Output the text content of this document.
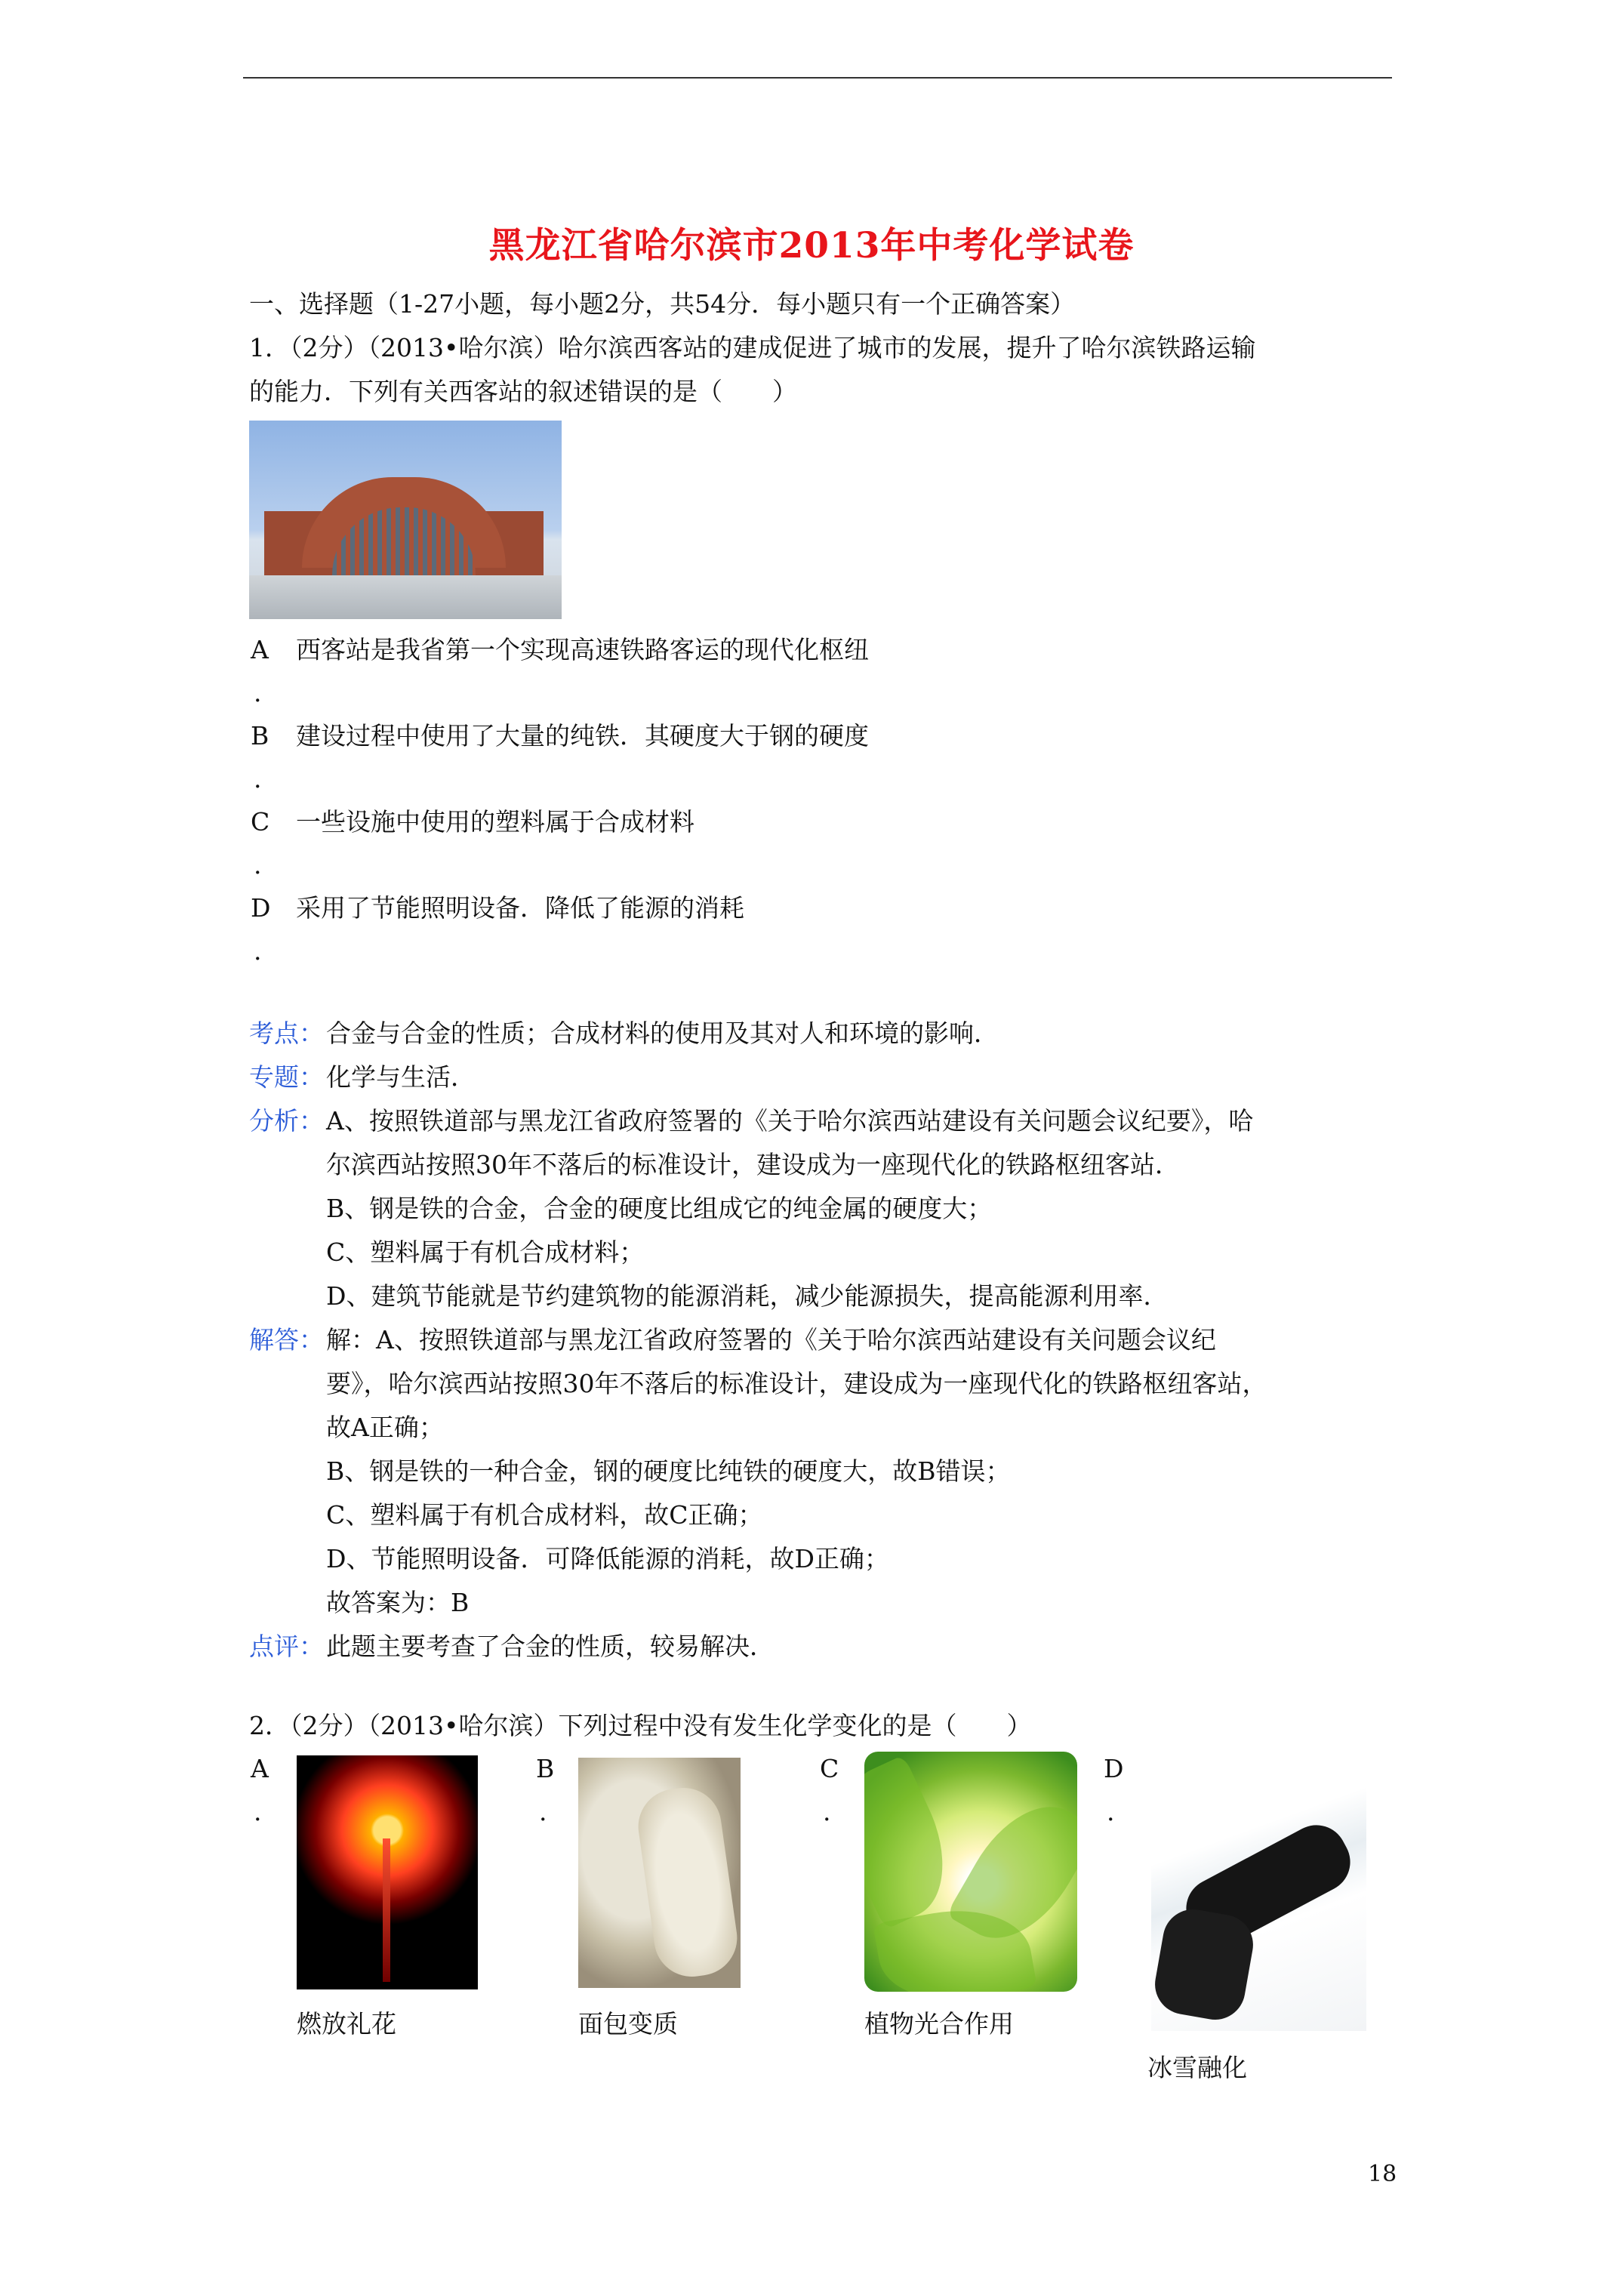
黑龙江省哈尔滨市2013年中考化学试卷
一、选择题（1-27小题，每小题2分，共54分．每小题只有一个正确答案）
1．（2分）（2013•哈尔滨）哈尔滨西客站的建成促进了城市的发展，提升了哈尔滨铁路运输
的能力．下列有关西客站的叙述错误的是（　　）
A 西客站是我省第一个实现高速铁路客运的现代化枢纽
.
B 建设过程中使用了大量的纯铁．其硬度大于钢的硬度
.
C 一些设施中使用的塑料属于合成材料
.
D 采用了节能照明设备．降低了能源的消耗
.
考点： 合金与合金的性质；合成材料的使用及其对人和环境的影响．
专题： 化学与生活．
分析： A、按照铁道部与黑龙江省政府签署的《关于哈尔滨西站建设有关问题会议纪要》，哈
尔滨西站按照30年不落后的标准设计，建设成为一座现代化的铁路枢纽客站．
B、钢是铁的合金，合金的硬度比组成它的纯金属的硬度大；
C、塑料属于有机合成材料；
D、建筑节能就是节约建筑物的能源消耗，减少能源损失，提高能源利用率．
解答： 解：A、按照铁道部与黑龙江省政府签署的《关于哈尔滨西站建设有关问题会议纪
要》，哈尔滨西站按照30年不落后的标准设计，建设成为一座现代化的铁路枢纽客站，
故A正确；
B、钢是铁的一种合金，钢的硬度比纯铁的硬度大，故B错误；
C、塑料属于有机合成材料，故C正确；
D、节能照明设备．可降低能源的消耗，故D正确；
故答案为：B
点评： 此题主要考查了合金的性质，较易解决．
2．（2分）（2013•哈尔滨）下列过程中没有发生化学变化的是（　　）
A
.
燃放礼花
B
.
面包变质
C
.
植物光合作用
D
.
冰雪融化
18
